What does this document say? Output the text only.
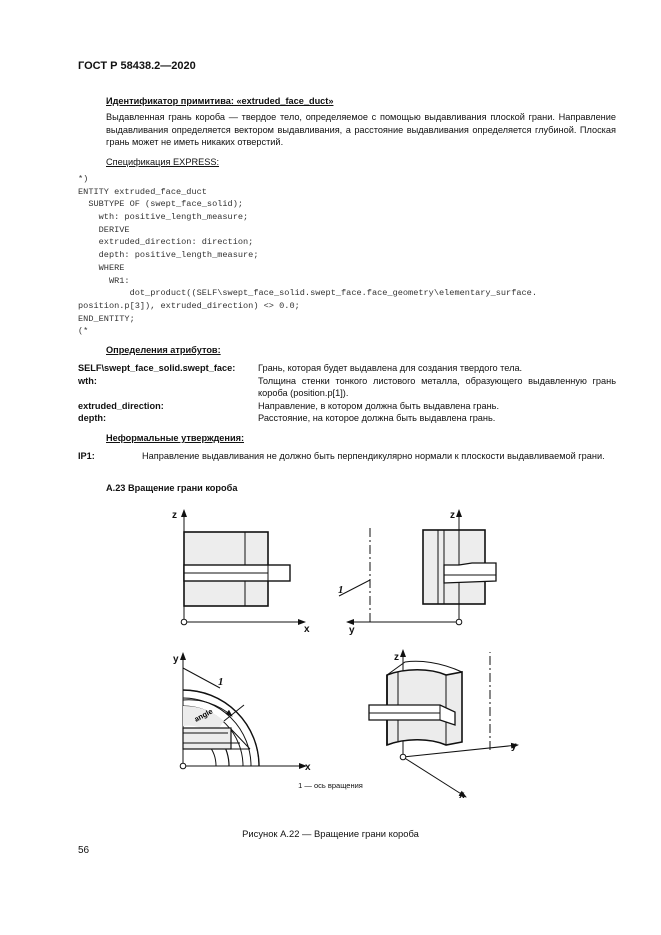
ГОСТ Р 58438.2—2020
Идентификатор примитива: «extruded_face_duct»
Выдавленная грань короба — твердое тело, определяемое с помощью выдавливания плоской грани. Направление выдавливания определяется вектором выдавливания, а расстояние выдавливания определяется глубиной. Плоская грань может не иметь никаких отверстий.
Спецификация EXPRESS:
*)
ENTITY extruded_face_duct
SUBTYPE OF (swept_face_solid);
wth: positive_length_measure;
DERIVE
extruded_direction: direction;
depth: positive_length_measure;
WHERE
WR1:
dot_product((SELF\swept_face_solid.swept_face.face_geometry\elementary_surface.
position.p[3]), extruded_direction) <> 0.0;
END_ENTITY;
(*
Определения атрибутов:
SELF\swept_face_solid.swept_face: Грань, которая будет выдавлена для создания твердого тела.
wth:	Толщина стенки тонкого листового металла, образующего выдавленную грань короба (position.p[1]).
extruded_direction:	Направление, в котором должна быть выдавлена грань.
depth:	Расстояние, на которое должна быть выдавлена грань.
Неформальные утверждения:
IP1:	Направление выдавливания не должно быть перпендикулярно нормали к плоскости выдавливаемой грани.
А.23 Вращение грани короба
z
x
z
y
y
x
z
y
x
1
1
angle
1 — ось вращения
Рисунок А.22 — Вращение грани короба
56
